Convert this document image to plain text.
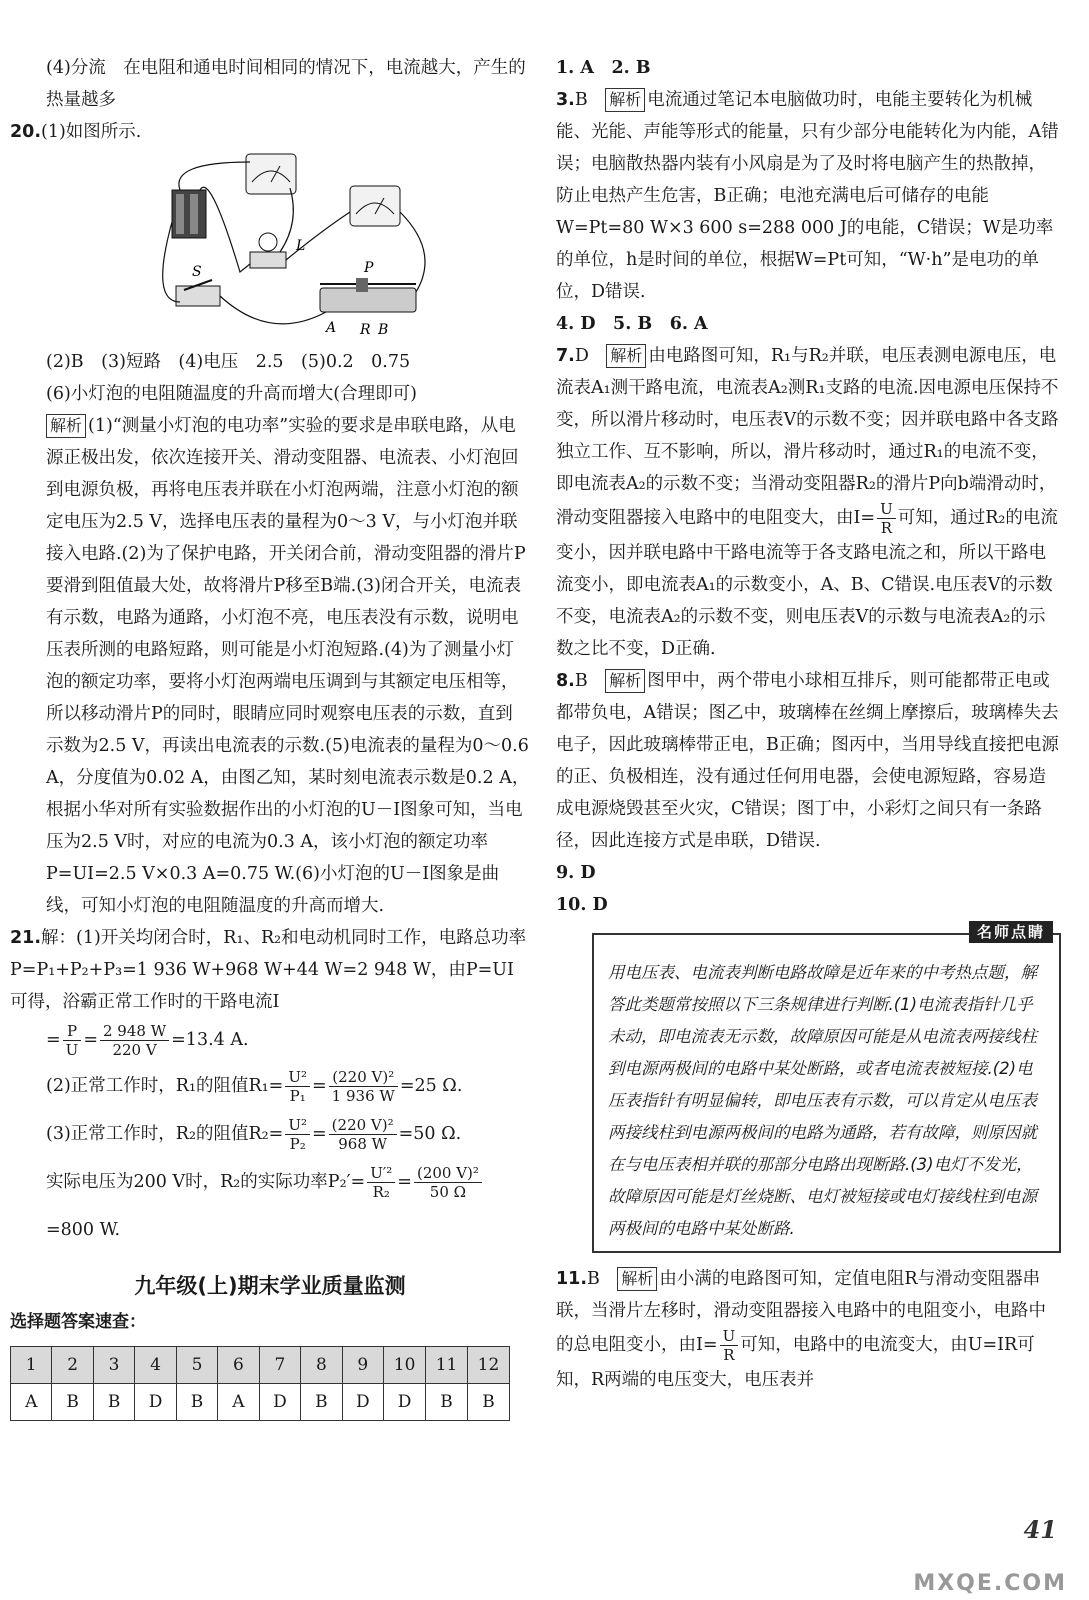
(4)分流　在电阻和通电时间相同的情况下，电流越大，产生的热量越多

20.(1)如图所示.

L
S	P
A R B

(2)B　(3)短路　(4)电压　2.5　(5)0.2　0.75

(6)小灯泡的电阻随温度的升高而增大(合理即可)

解析 (1)“测量小灯泡的电功率”实验的要求是串联电路，从电源正极出发，依次连接开关、滑动变阻器、电流表、小灯泡回到电源负极，再将电压表并联在小灯泡两端，注意小灯泡的额定电压为2.5 V，选择电压表的量程为0～3 V，与小灯泡并联接入电路.(2)为了保护电路，开关闭合前，滑动变阻器的滑片P要滑到阻值最大处，故将滑片P移至B端.(3)闭合开关，电流表有示数，电路为通路，小灯泡不亮，电压表没有示数，说明电压表所测的电路短路，则可能是小灯泡短路.(4)为了测量小灯泡的额定功率，要将小灯泡两端电压调到与其额定电压相等，所以移动滑片P的同时，眼睛应同时观察电压表的示数，直到示数为2.5 V，再读出电流表的示数.(5)电流表的量程为0～0.6 A，分度值为0.02 A，由图乙知，某时刻电流表示数是0.2 A，根据小华对所有实验数据作出的小灯泡的U－I图象可知，当电压为2.5 V时，对应的电流为0.3 A，该小灯泡的额定功率P=UI=2.5 V×0.3 A=0.75 W.(6)小灯泡的U－I图象是曲线，可知小灯泡的电阻随温度的升高而增大.

21.解：(1)开关均闭合时，R₁、R₂和电动机同时工作，电路总功率P=P₁+P₂+P₃=1 936 W+968 W+44 W=2 948 W，由P=UI可得，浴霸正常工作时的干路电流I

= $\frac{P}{U} = \frac{2 948 W}{220 V} =13.4$ A.

(2)正常工作时，R₁的阻值$R_1= \frac{\text{U²}}{\text{P₁}} = \frac{\text{(220 V)²}}{1 936 W} =25$ Ω.

(3)正常工作时，R₂的阻值$R_2= \frac{\text{U²}}{\text{P₂}} = \frac{\text{(220 V)²}}{968 W} =50$ Ω.

实际电压为200 V时，R₂的实际功率$P_2'= \frac{\text{U′²}}{\text{R₂}} = \frac{\text{(200 V)²}}{50 \Omega}$
=800 W.

九年级(上)期末学业质量监测
选择题答案速查：
1	2	3	4	5	6	7	8	9	10	11	12
A	B	B	D	B	A	D	B	D	D	B	B

1. A　2. B

3.B　 解析 电流通过笔记本电脑做功时，电能主要转化为机械能、光能、声能等形式的能量，只有少部分电能转化为内能，A错误；电脑散热器内装有小风扇是为了及时将电脑产生的热散掉，防止电热产生危害，B正确；电池充满电后可储存的电能W=Pt=80 W×3 600 s=288 000 J的电能，C错误；W是功率的单位，h是时间的单位，根据W=Pt可知，“W·h”是电功的单位，D错误.

4. D　5. B　6. A

7.D　 解析 由电路图可知，R₁与R₂并联，电压表测电源电压，电流表A₁测干路电流，电流表A₂测R₁支路的电流.因电源电压保持不变，所以滑片移动时，电压表V的示数不变；因并联电路中各支路独立工作、互不影响，所以，滑片移动时，通过R₁的电流不变，即电流表A₂的示数不变；当滑动变阻器R₂的滑片P向b端滑动时，滑动变阻器接入电路中的电阻变大，由$I= \frac{U}{R}$ 可知，通过R₂的电流变小，因并联电路中干路电流等于各支路电流之和，所以干路电流变小，即电流表A₁的示数变小，A、B、C错误.电压表V的示数不变，电流表A₂的示数不变，则电压表V的示数与电流表A₂的示数之比不变，D正确.

8.B　 解析 图甲中，两个带电小球相互排斥，则可能都带正电或都带负电，A错误；图乙中，玻璃棒在丝绸上摩擦后，玻璃棒失去电子，因此玻璃棒带正电，B正确；图丙中，当用导线直接把电源的正、负极相连，没有通过任何用电器，会使电源短路，容易造成电源烧毁甚至火灾，C错误；图丁中，小彩灯之间只有一条路径，因此连接方式是串联，D错误.

9. D

10. D

名师点睛
用电压表、电流表判断电路故障是近年来的中考热点题，解答此类题常按照以下三条规律进行判断.(1)电流表指针几乎未动，即电流表无示数，故障原因可能是从电流表两接线柱到电源两极间的电路中某处断路，或者电流表被短接.(2)电压表指针有明显偏转，即电压表有示数，可以肯定从电压表两接线柱到电源两极间的电路为通路，若有故障，则原因就在与电压表相并联的那部分电路出现断路.(3)电灯不发光，故障原因可能是灯丝烧断、电灯被短接或电灯接线柱到电源两极间的电路中某处断路.

11.B　 解析 由小满的电路图可知，定值电阻R与滑动变阻器串联，当滑片左移时，滑动变阻器接入电路中的电阻变小，电路中的总电阻变小，由$I= \frac{U}{R}$ 可知，电路中的电流变大，由U=IR可知，R两端的电压变大，电压表并

MXQE.COM
41
